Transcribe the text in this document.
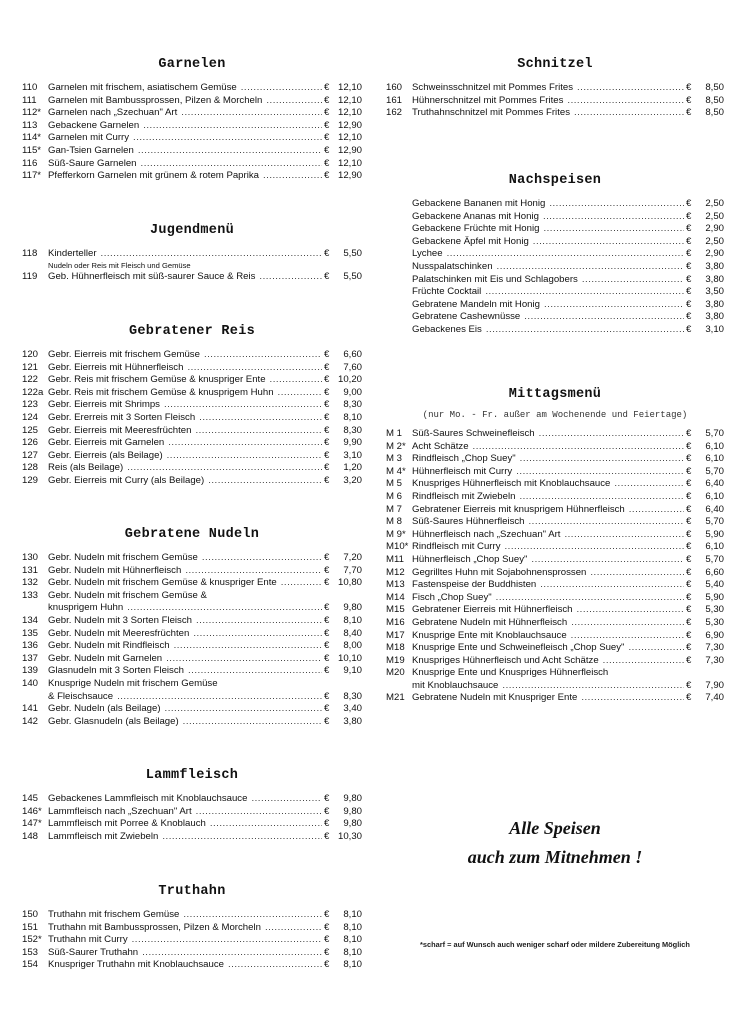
Garnelen
110	Garnelen mit frischem, asiatischem Gemüse .....	€ 12,10
111	Garnelen mit Bambussprossen, Pilzen & Morcheln .....	€ 12,10
112* Garnelen nach „Szechuan" Art .....	€ 12,10
113	Gebackene Garnelen .....	€ 12,90
114* Garnelen mit Curry .....	€ 12,10
115* Gan-Tsien Garnelen .....	€ 12,90
116	Süß-Saure Garnelen .....	€ 12,10
117* Pfefferkorn Garnelen mit grünem & rotem Paprika .....	€ 12,90
Jugendmenü
118	Kinderteller .....	€	5,50
Nudeln oder Reis mit Fleisch und Gemüse
119	Geb. Hühnerfleisch mit süß-saurer Sauce & Reis .....	€	5,50
Gebratener Reis
120	Gebr. Eierreis mit frischem Gemüse .....	€	6,60
121	Gebr. Eierreis mit Hühnerfleisch .....	€	7,60
122	Gebr. Reis mit frischem Gemüse & knuspriger Ente .....	€ 10,20
122a Gebr. Reis mit frischem Gemüse & knusprigem Huhn .....	€	9,00
123	Gebr. Eierreis mit Shrimps .....	€	8,30
124	Gebr. Ererreis mit 3 Sorten Fleisch .....	€	8,10
125	Gebr. Eierreis mit Meeresfrüchten .....	€	8,30
126	Gebr. Eierreis mit Garnelen .....	€	9,90
127	Gebr. Eierreis (als Beilage) .....	€	3,10
128	Reis (als Beilage) .....	€	1,20
129	Gebr. Eierreis mit Curry (als Beilage) .....	€	3,20
Gebratene Nudeln
130	Gebr. Nudeln mit frischem Gemüse .....	€	7,20
131	Gebr. Nudeln mit Hühnerfleisch .....	€	7,70
132	Gebr. Nudeln mit frischem Gemüse & knuspriger Ente .....	€ 10,80
133	Gebr. Nudeln mit frischem Gemüse &
knusprigem Huhn .....	€	9,80
134	Gebr. Nudeln mit 3 Sorten Fleisch .....	€	8,10
135	Gebr. Nudeln mit Meeresfrüchten .....	€	8,40
136	Gebr. Nudeln mit Rindfleisch .....	€	8,00
137	Gebr. Nudeln mit Garnelen .....	€ 10,10
139	Glasnudeln mit 3 Sorten Fleisch .....	€	9,10
140	Knusprige Nudeln mit frischem Gemüse
& Fleischsauce .....	€	8,30
141	Gebr. Nudeln (als Beilage) .....	€	3,40
142	Gebr. Glasnudeln (als Beilage) .....	€	3,80
Lammfleisch
145	Gebackenes Lammfleisch mit Knoblauchsauce .....	€	9,80
146* Lammfleisch nach „Szechuan" Art .....	€	9,80
147* Lammfleisch mit Porree & Knoblauch .....	€	9,80
148	Lammfleisch mit Zwiebeln .....	€ 10,30
Truthahn
150	Truthahn mit frischem Gemüse .....	€	8,10
151	Truthahn mit Bambussprossen, Pilzen & Morcheln .....	€	8,10
152* Truthahn mit Curry .....	€	8,10
153	Süß-Saurer Truthahn .....	€	8,10
154	Knuspriger Truthahn mit Knoblauchsauce .....	€	8,10
Schnitzel
160	Schweinsschnitzel mit Pommes Frites .....	€	8,50
161	Hühnerschnitzel mit Pommes Frites .....	€	8,50
162	Truthahnschnitzel mit Pommes Frites .....	€	8,50
Nachspeisen
Gebackene Bananen mit Honig .....	€	2,50
Gebackene Ananas mit Honig .....	€	2,50
Gebackene Früchte mit Honig .....	€	2,90
Gebackene Äpfel mit Honig .....	€	2,50
Lychee .....	€	2,90
Nusspalatschinken .....	€	3,80
Palatschinken mit Eis und Schlagobers .....	€	3,80
Früchte Cocktail .....	€	3,50
Gebratene Mandeln mit Honig .....	€	3,80
Gebratene Cashewnüsse .....	€	3,80
Gebackenes Eis .....	€	3,10
Mittagsmenü
(nur Mo. - Fr. außer am Wochenende und Feiertage)
M 1	Süß-Saures Schweinefleisch .....	€	5,70
M 2* Acht Schätze .....	€	6,10
M 3	Rindfleisch „Chop Suey" .....	€	6,10
M 4* Hühnerfleisch mit Curry .....	€	5,70
M 5	Knuspriges Hühnerfleisch mit Knoblauchsauce .....	€	6,40
M 6	Rindfleisch mit Zwiebeln .....	€	6,10
M 7	Gebratener Eierreis mit knusprigem Hühnerfleisch .....	€	6,40
M 8	Süß-Saures Hühnerfleisch .....	€	5,70
M 9* Hühnerfleisch nach „Szechuan" Art .....	€	5,90
M10* Rindfleisch mit Curry .....	€	6,10
M11 Hühnerfleisch „Chop Suey" .....	€	5,70
M12 Gegrilltes Huhn mit Sojabohnensprossen .....	€	6,60
M13 Fastenspeise der Buddhisten .....	€	5,40
M14 Fisch „Chop Suey" .....	€	5,90
M15 Gebratener Eierreis mit Hühnerfleisch .....	€	5,30
M16 Gebratene Nudeln mit Hühnerfleisch .....	€	5,30
M17 Knusprige Ente mit Knoblauchsauce .....	€	6,90
M18 Knusprige Ente und Schweinefleisch „Chop Suey" .....	€	7,30
M19 Knuspriges Hühnerfleisch und Acht Schätze .....	€	7,30
M20 Knusprige Ente und Knuspriges Hühnerfleisch
mit Knoblauchsauce .....	€	7,90
M21 Gebratene Nudeln mit Knuspriger Ente .....	€	7,40
Alle Speisen
auch zum Mitnehmen !
*scharf = auf Wunsch auch weniger scharf oder mildere Zubereitung Möglich
